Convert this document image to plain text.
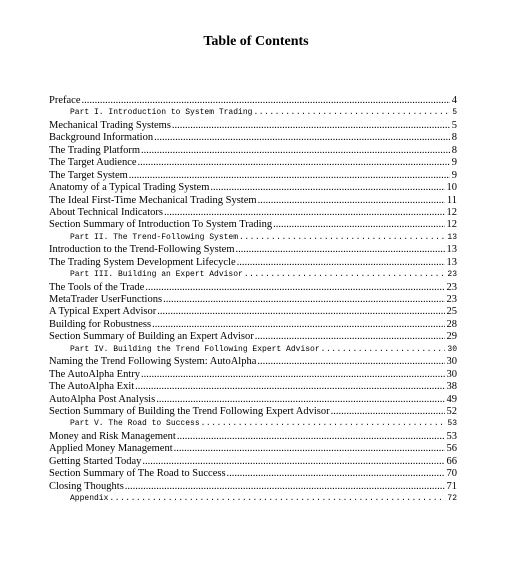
Table of Contents
Preface .....	4
Part I. Introduction to System Trading .....	5
Mechanical Trading Systems .....	5
Background Information .....	8
The Trading Platform .....	8
The Target Audience .....	9
The Target System .....	9
Anatomy of a Typical Trading System .....	10
The Ideal First-Time Mechanical Trading System .....	11
About Technical Indicators .....	12
Section Summary of Introduction To System Trading .....	12
Part II. The Trend-Following System .....	13
Introduction to the Trend-Following System .....	13
The Trading System Development Lifecycle .....	13
Part III. Building an Expert Advisor .....	23
The Tools of the Trade .....	23
MetaTrader UserFunctions .....	23
A Typical Expert Advisor .....	25
Building for Robustness .....	28
Section Summary of Building an Expert Advisor .....	29
Part IV. Building the Trend Following Expert Advisor .....	30
Naming the Trend Following System: AutoAlpha .....	30
The AutoAlpha Entry .....	30
The AutoAlpha Exit .....	38
AutoAlpha Post Analysis .....	49
Section Summary of Building the Trend Following Expert Advisor .....	52
Part V. The Road to Success .....	53
Money and Risk Management .....	53
Applied Money Management .....	56
Getting Started Today .....	66
Section Summary of The Road to Success .....	70
Closing Thoughts .....	71
Appendix .....	72
